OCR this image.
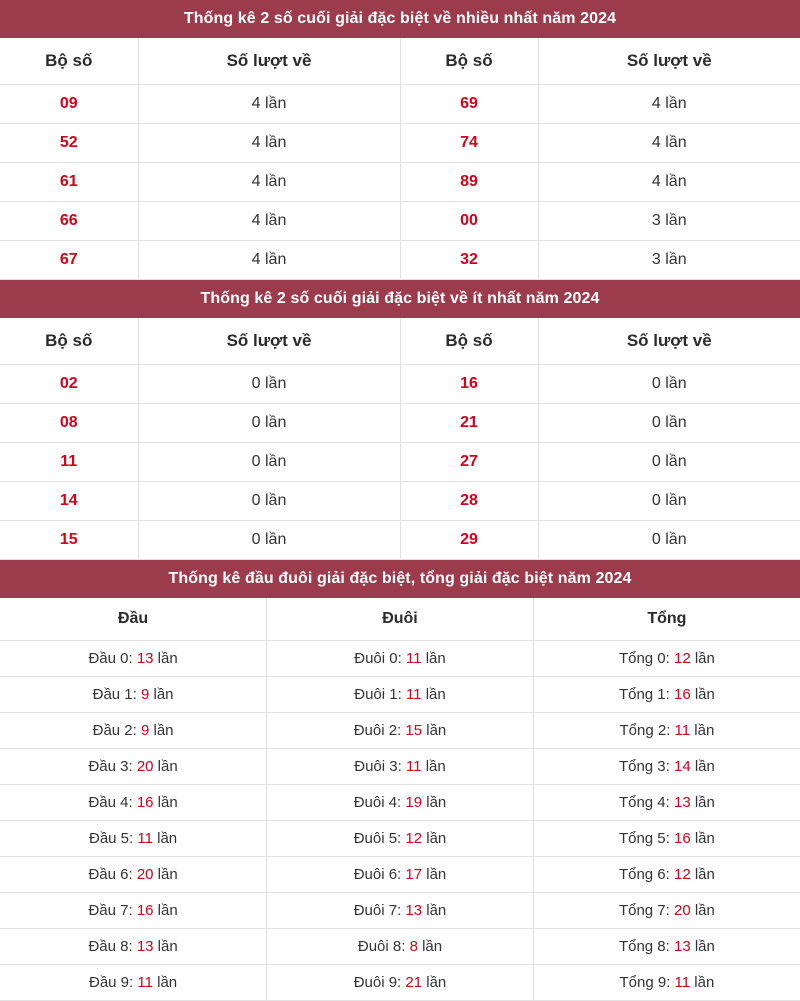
Thống kê 2 số cuối giải đặc biệt về nhiều nhất năm 2024
Bộ số	Số lượt về	Bộ số	Số lượt về
09	4 lần	69	4 lần
52	4 lần	74	4 lần
61	4 lần	89	4 lần
66	4 lần	00	3 lần
67	4 lần	32	3 lần
Thống kê 2 số cuối giải đặc biệt về ít nhất năm 2024
Bộ số	Số lượt về	Bộ số	Số lượt về
02	0 lần	16	0 lần
08	0 lần	21	0 lần
11	0 lần	27	0 lần
14	0 lần	28	0 lần
15	0 lần	29	0 lần
Thống kê đầu đuôi giải đặc biệt, tổng giải đặc biệt năm 2024
Đầu	Đuôi	Tổng
Đầu 0: 13 lần	Đuôi 0: 11 lần	Tổng 0: 12 lần
Đầu 1: 9 lần	Đuôi 1: 11 lần	Tổng 1: 16 lần
Đầu 2: 9 lần	Đuôi 2: 15 lần	Tổng 2: 11 lần
Đầu 3: 20 lần	Đuôi 3: 11 lần	Tổng 3: 14 lần
Đầu 4: 16 lần	Đuôi 4: 19 lần	Tổng 4: 13 lần
Đầu 5: 11 lần	Đuôi 5: 12 lần	Tổng 5: 16 lần
Đầu 6: 20 lần	Đuôi 6: 17 lần	Tổng 6: 12 lần
Đầu 7: 16 lần	Đuôi 7: 13 lần	Tổng 7: 20 lần
Đầu 8: 13 lần	Đuôi 8: 8 lần	Tổng 8: 13 lần
Đầu 9: 11 lần	Đuôi 9: 21 lần	Tổng 9: 11 lần
